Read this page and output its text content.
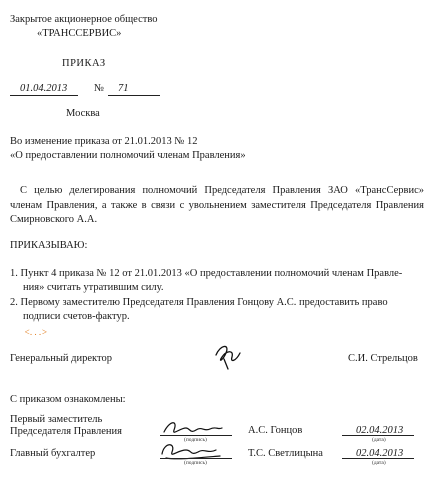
Закрытое акционерное общество
«ТРАНССЕРВИС»
ПРИКАЗ
01.04.2013	№ 71
Москва
Во изменение приказа от 21.01.2013 № 12
«О предоставлении полномочий членам Правления»
С целью делегирования полномочий Председателя Правления ЗАО «ТрансСервис» членам Правления, а также в связи с увольнением заместителя Председателя Правления Смирновского А.А.
ПРИКАЗЫВАЮ:
1. Пункт 4 приказа № 12 от 21.01.2013 «О предоставлении полномочий членам Правле-
ния» считать утратившим силу.
2. Первому заместителю Председателя Правления Гонцову А.С. предоставить право
подписи счетов-фактур.
<. . .>
Генеральный директор	С.И. Стрельцов
С приказом ознакомлены:
Первый заместитель
Председателя Правления
(подпись)
А.С. Гонцов	02.04.2013
(дата)
Главный бухгалтер
(подпись)
Т.С. Светлицына	02.04.2013
(дата)
